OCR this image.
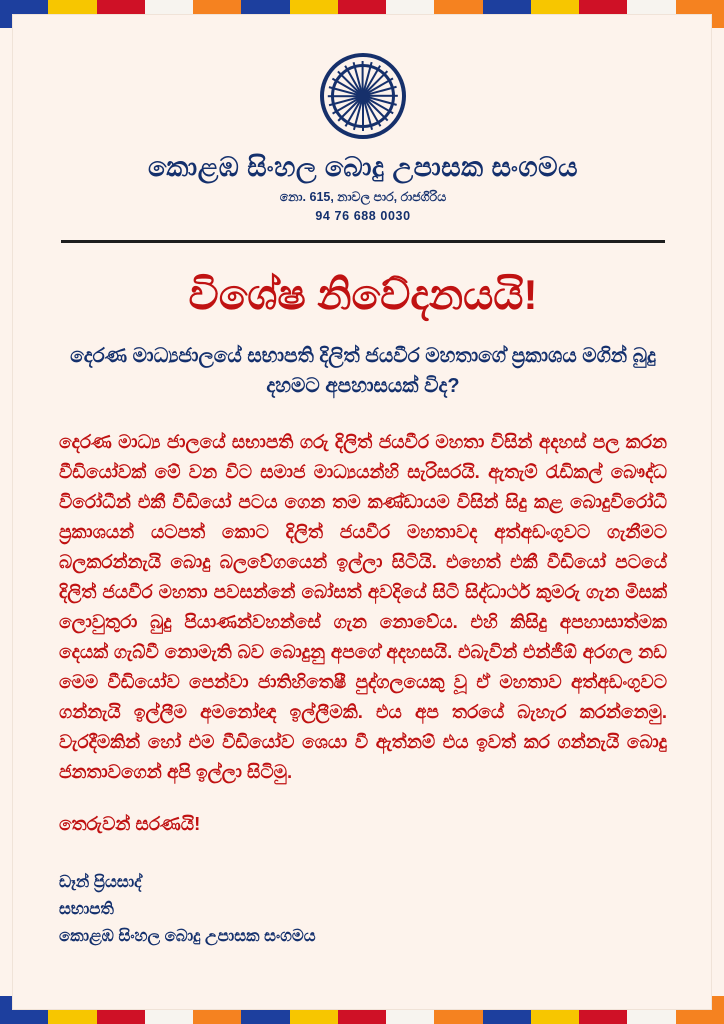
කොළඹ සිංහල බොදු උපාසක සංගමය
නො. 615, නාවල පාර, රාජගිරිය
94 76 688 0030
විශේෂ නිවේදනයයි!
දෙරණ මාධ්‍යජාලයේ සභාපති දිලිත් ජයවීර මහතාගේ ප්‍රකාශය මගින් බුදු දහමට අපහාසයක් විද?
දෙරණ මාධ්‍ය ජාලයේ සභාපති ගරු දිලිත් ජයවීර මහතා විසින් අදහස් පල කරන වීඩියෝවක් මේ වන විට සමාජ මාධ්‍යයන්හි සැරිසරයි. ඇතැම් රැඩිකල් බෞද්ධ විරෝධීන් එකී වීඩියෝ පටය ගෙන තම කණ්ඩායම විසින් සිදු කළ බොදුවිරෝධී ප්‍රකාශයන් යටපත් කොට දිලිත් ජයවීර මහතාවද අත්අඩංගුවට ගැනීමට බලකරන්නැයි බොදු බලවේගයෙන් ඉල්ලා සිටියි. එහෙත් එකී වීඩියෝ පටයේ දිලිත් ජයවීර මහතා පවසන්නේ බෝසත් අවදියේ සිටි සිද්ධාර්ථ කුමරු ගැන මිසක් ලොවුතුරා බුදු පියාණන්වහන්සේ ගැන නොවේය. එහි කිසිදු අපහාසාත්මක දෙයක් ගැබ්වී නොමැති බව බොදුනු අපගේ අදහසයි. එබැවින් එන්ජීඕ අරගල නඩ මෙම වීඩියෝව පෙන්වා ජාතිහිතෙෂී පුද්ගලයෙකු වූ ඒ මහතාව අත්අඩංගුවට ගන්නැයි ඉල්ලීම අමනෝඥ ඉල්ලීමකි. එය අප තරයේ බැහැර කරන්නෙමු. වැරදීමකින් හෝ එම වීඩියෝව ශෙයා වී ඇත්නම් එය ඉවත් කර ගන්නැයි බොදු ජනතාවගෙන් අපි ඉල්ලා සිටිමු.
තෙරුවන් සරණයි!
ඩෑන් ප්‍රියසාද්
සභාපති
කොළඹ සිංහල බොදු උපාසක සංගමය
